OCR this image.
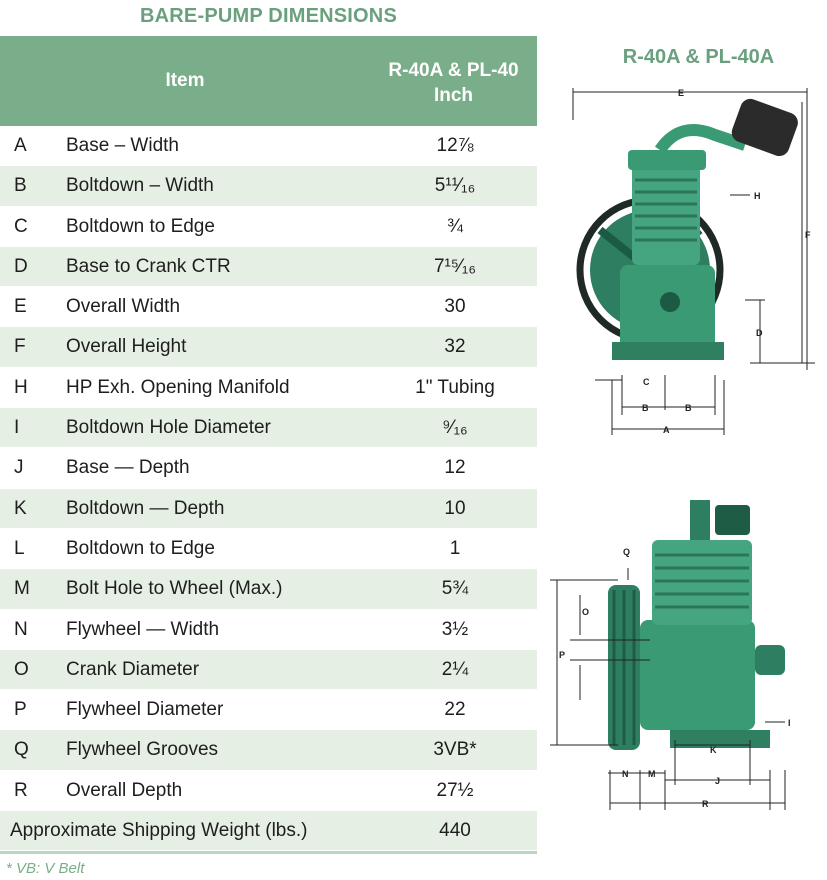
BARE-PUMP DIMENSIONS
Item	R-40A & PL-40
Inch
A Base – Width	12⅞
B Boltdown – Width	5¹¹⁄₁₆
C Boltdown to Edge	¾
D Base to Crank CTR	7¹⁵⁄₁₆
E Overall Width	30
F Overall Height	32
H HP Exh. Opening Manifold	1" Tubing
I Boltdown Hole Diameter	⁹⁄₁₆
J Base — Depth	12
K Boltdown — Depth	10
L Boltdown to Edge	1
M Bolt Hole to Wheel (Max.)	5¾
N Flywheel — Width	3½
O Crank Diameter	2¼
P Flywheel Diameter	22
Q Flywheel Grooves	3VB*
R Overall Depth	27½
Approximate Shipping Weight (lbs.)	440
* VB: V Belt
R-40A & PL-40A
E
F
H
D
C
B	B
A
Q
O
P
I
K
N M
J
R
